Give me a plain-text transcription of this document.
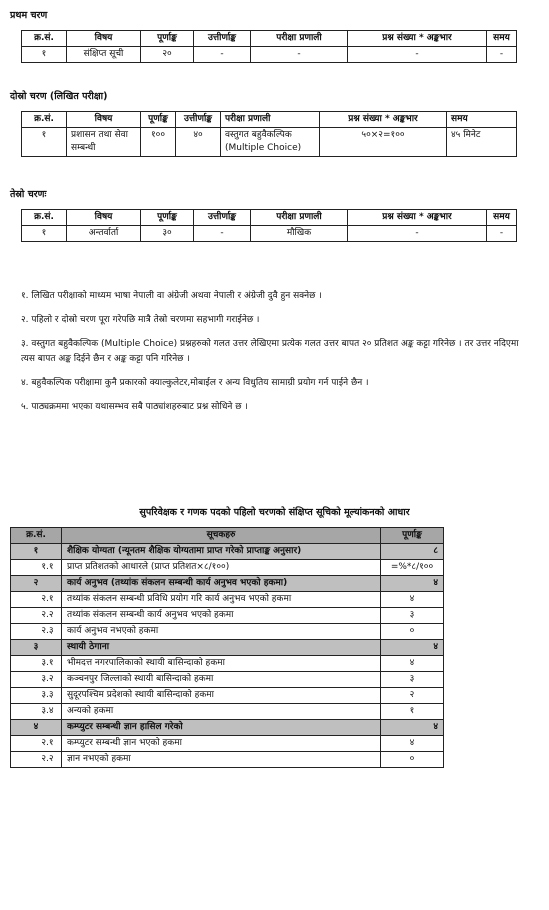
प्रथम चरण
क्र.सं.	विषय	पूर्णाङ्क	उत्तीर्णाङ्क	परीक्षा प्रणाली	प्रश्न संख्या * अङ्कभार	समय
१	संक्षिप्त सूची	२०	-	-	-	-
दोस्रो चरण (लिखित परीक्षा)
क्र.सं.	विषय	पूर्णाङ्क	उत्तीर्णाङ्क	परीक्षा प्रणाली	प्रश्न संख्या * अङ्कभार	समय
१	प्रशासन तथा सेवा सम्बन्धी	१००	४०	वस्तुगत बहुवैकल्पिक (Multiple Choice)	५०×२=१००	४५ मिनेट
तेस्रो चरणः
क्र.सं.	विषय	पूर्णाङ्क	उत्तीर्णाङ्क	परीक्षा प्रणाली	प्रश्न संख्या * अङ्कभार	समय
१	अन्तर्वार्ता	३०	-	मौखिक	-	-

१. लिखित परीक्षाको माध्यम भाषा नेपाली वा अंग्रेजी अथवा नेपाली र अंग्रेजी दुवै हुन सक्नेछ ।

२. पहिलो र दोस्रो चरण पूरा गरेपछि मात्रै तेस्रो चरणमा सहभागी गराईनेछ ।

३. वस्तुगत बहुवैकल्पिक (Multiple Choice) प्रश्नहरुको गलत उत्तर लेखिएमा प्रत्येक गलत उत्तर बापत २० प्रतिशत अङ्क कट्टा गरिनेछ । तर उत्तर नदिएमा त्यस बापत अङ्क दिईने छैन र अङ्क कट्टा पनि गरिनेछ ।

४. बहुवैकल्पिक परीक्षामा कुनै प्रकारको क्याल्कुलेटर,मोबाईल र अन्य विधुतिय सामाग्री प्रयोग गर्न पाईने छैन ।

५. पाठ्यक्रममा भएका यथासम्भव सबै पाठ्यांशहरुबाट प्रश्न सोधिने छ ।

सुपरिवेक्षक र गणक पदको पहिलो चरणको संक्षिप्त सूचिको मूल्यांकनको आधार
क्र.सं.	सूचकहरु	पूर्णाङ्क
१	शैक्षिक योग्यता (न्यूनतम शैक्षिक योग्यतामा प्राप्त गरेको प्राप्ताङ्क अनुसार)	८
१.१	प्राप्त प्रतिशतको आधारले (प्राप्त प्रतिशत×८/१००)	=%*८/१००
२	कार्य अनुभव (तथ्यांक संकलन सम्बन्धी कार्य अनुभव भएको हकमा)	४
२.१	तथ्यांक संकलन सम्बन्धी प्रविधि प्रयोग गरि कार्य अनुभव भएको हकमा	४
२.२	तथ्यांक संकलन सम्बन्धी कार्य अनुभव भएको हकमा	३
२.३	कार्य अनुभव नभएको हकमा	०
३	स्थायी ठेगाना	४
३.१	भीमदत्त नगरपालिकाको स्थायी बासिन्दाको हकमा	४
३.२	कञ्चनपुर जिल्लाको स्थायी बासिन्दाको हकमा	३
३.३	सुदूरपश्चिम प्रदेशको स्थायी बासिन्दाको हकमा	२
३.४	अन्यको हकमा	१
४	कम्प्युटर सम्बन्धी ज्ञान हासिल गरेको	४
२.१	कम्प्युटर सम्बन्धी ज्ञान भएको हकमा	४
२.२	ज्ञान नभएको हकमा	०
